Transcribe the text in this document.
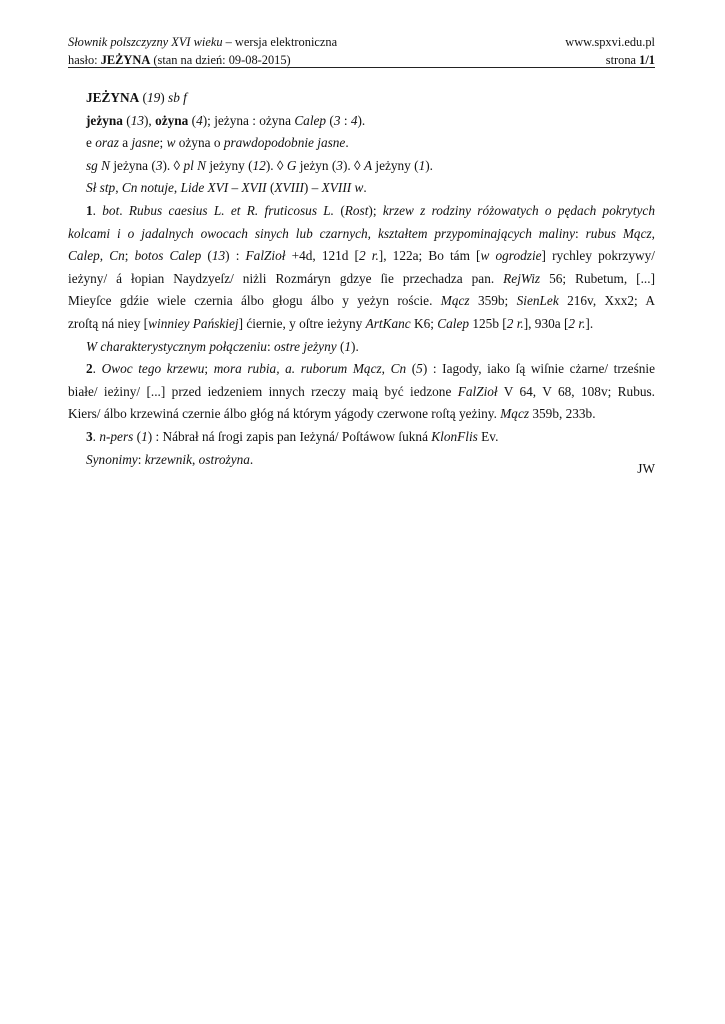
Słownik polszczyzny XVI wieku – wersja elektroniczna	www.spxvi.edu.pl
hasło: JEŻYNA (stan na dzień: 09-08-2015)	strona 1/1
JEŻYNA (19) sb f
jeżyna (13), ożyna (4); jeżyna : ożyna Calep (3 : 4).
e oraz a jasne; w ożyna o prawdopodobnie jasne.
sg N jeżyna (3). ◊ pl N jeżyny (12). ◊ G jeżyn (3). ◊ A jeżyny (1).
Sł stp, Cn notuje, Lide XVI – XVII (XVIII) – XVIII w.
1. bot. Rubus caesius L. et R. fruticosus L. (Rost); krzew z rodziny różowatych o pędach pokrytych
kolcami i o jadalnych owocach sinych lub czarnych, kształtem przypominających maliny: rubus Mącz,
Calep, Cn; botos Calep (13) : FalZioł +4d, 121d [2 r.], 122a; Bo tám [w ogrodzie] rychley pokrzywy/
ieżyny/ á łopian Naydzyeſz/ niżli Rozmáryn gdzye ſie przechadza pan. RejWiz 56; Rubetum, [...]
Mieyſce gdźie wiele czernia álbo głogu álbo y yeżyn roście. Mącz 359b; SienLek 216v, Xxx2; A
zroſtą ná niey [winniey Pańskiej] ćiernie, y oſtre ieżyny ArtKanc K6; Calep 125b [2 r.], 930a [2 r.].
W charakterystycznym połączeniu: ostre jeżyny (1).
2. Owoc tego krzewu; mora rubia, a. ruborum Mącz, Cn (5) : Iagody, iako ſą wiſnie cżarne/ trześnie
białe/ ieżiny/ [...] przed iedzeniem innych rzeczy maią być iedzone FalZioł V 64, V 68, 108v; Rubus.
Kiers/ álbo krzewiná czernie álbo głóg ná którym yágody czerwone roſtą yeżiny. Mącz 359b, 233b.
3. n-pers (1) : Nábrał ná ſrogi zapis pan Ieżyná/ Poſtáwow ſukná KlonFlis Ev.
Synonimy: krzewnik, ostrożyna.
JW
